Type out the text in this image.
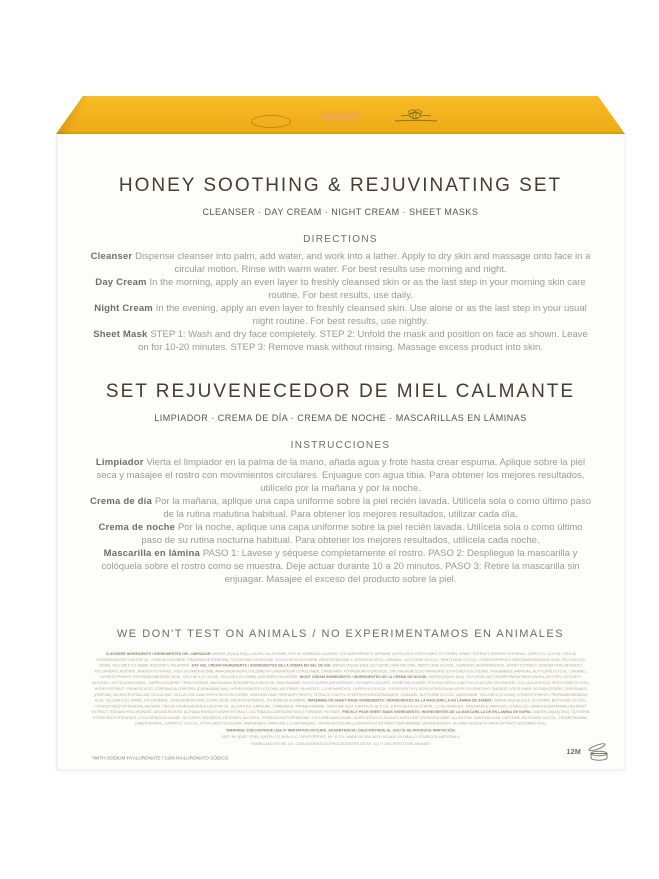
HONEY SOOTHING & REJUVINATING SET
CLEANSER · DAY CREAM · NIGHT CREAM · SHEET MASKS
DIRECTIONS

Cleanser Dispense cleanser into palm, add water, and work into a lather. Apply to dry skin and massage onto face in a circular motion. Rinse with warm water. For best results use morning and night.

Day Cream In the morning, apply an even layer to freshly cleansed skin or as the last step in your morning skin care routine. For best results, use daily.

Night Cream In the evening, apply an even layer to freshly cleansed skin. Use alone or as the last step in your usual night routine. For best results, use nightly.

Sheet Mask STEP 1: Wash and dry face completely. STEP 2: Unfold the mask and position on face as shown. Leave on for 10-20 minutes. STEP 3: Remove mask without rinsing. Massage excess product into skin.

SET REJUVENECEDOR DE MIEL CALMANTE
LIMPIADOR · CREMA DE DÍA · CREMA DE NOCHE · MASCARILLAS EN LÁMINAS
INSTRUCCIONES

Limpiador Vierta el limpiador en la palma de la mano, añada agua y frote hasta crear espuma. Aplique sobre la piel seca y masajee el rostro con movimientos circulares. Enjuague con agua tibia. Para obtener los mejores resultados, utilícelo por la mañana y por la noche.

Crema de día Por la mañana, aplique una capa uniforme sobre la piel recién lavada. Utilícela sola o como último paso de la rutina matutina habitual. Para obtener los mejores resultados, utilizar cada día.

Crema de noche Por la noche, aplique una capa uniforme sobre la piel recién lavada. Utilícela sola o como último paso de su rutina nocturna habitual. Para obtener los mejores resultados, utilícela cada noche.

Mascarilla en lámina PASO 1: Lávese y séquese completamente el rostro. PASO 2: Despliegue la mascarilla y colóquela sobre el rostro como se muestra. Deje actuar durante 10 a 20 minutos. PASO 3: Retire la mascarilla sin enjuagar. Masajee el exceso del producto sobre la piel.

WE DON'T TEST ON ANIMALS / NO EXPERIMENTAMOS EN ANIMALES

CLEANSER INGREDIENTS / INGREDIENTES DEL LIMPIADOR: WATER (AQUA) EAU), LAURYL GLUCOSIDE, PEG-80 SORBITAN LAURATE, COCAMIDOPROPYL BETAINE, ACRYLATES COPOLYMER, GLYCERIN, HONEY EXTRACT, PHENOXYETHANOL, CAPRYLYL GLYCOL, PEG-40 HYDROGENATED CASTOR OIL, SODIUM CHLORIDE, FRAGRANCE (PARFUM), POTASSIUM HYDROXIDE, ETHYLHEXYLGLYCERIN, BENZOPHENONE-4, DISODIUM EDTA, CARAMEL, BUTYLENE GLYCOL, PENTYLENE GLYCOL, HYDROXYPHENYL PROPAMIDOBENZOIC ACID, YELLOW 5 (CI 19140), YELLOW 6 (CI 15985), ASCORBYL PALMITATE. DAY GEL CREAM INGREDIENTS / INGREDIENTES DE LA CREMA EN GEL DE DÍA: WATER (AQUA) EAU), GLYCERIN, DIMETHICONE, PENTYLENE GLYCOL, ISONONYL ISONONANOATE, HONEY EXTRACT, SODIUM HYALURONATE*, TOCOPHERYL ACETATE, PHENOXYETHANOL, PEG-10 DIMETHICONE, AMMONIUM ACRYLOYLDIMETHYLTAURATE/VP COPOLYMER, CARBOMER, POTASSIUM HYDROXIDE, DIPOTASSIUM GLYCYRRHIZATE, ETHYLHEXYLGLYCERIN, FRAGRANCE (PARFUM), BUTYLENE GLYCOL, CARAMEL, HYDROXYPHENYL PROPAMIDOBENZOIC ACID, YELLOW 5 (CI 19140), YELLOW 6 (CI 15985), ASCORBYL PALMITATE. NIGHT CREAM INGREDIENTS / INGREDIENTES DE LA CREMA DE NOCHE: WATER (AQUA) EAU), GLYCERIN, BUTYROSPERMUM PARKII (SHEA) BUTTER, CETEARYL ALCOHOL, OCTYLDODECANOL, CAPRYLIC/CAPRIC TRIGLYCERIDE, MACADAMIA INTEGRIFOLIA SEED OIL, NIACINAMIDE, COCO-CAPRYLATE/CAPRATE, CETEARYL OLIVATE, SORBITAN OLIVATE, POLYGLYCERYL-3 METHYLGLUCOSE DISTEARATE, C12-16 ALCOHOLS, PENTYLENE GLYCOL, HONEY EXTRACT, PALMITIC ACID, COPERNICIA CERIFERA (CARNAUBA) WAX, HYDROGENATED LECITHIN, ASCORBYL PALMITATE, 1,2-HEXANEDIOL, CAPRYLYL GLYCOL, HYDROXYETHYL ACRYLATE/SODIUM ACRYLOYLDIMETHYL TAURATE COPOLYMER, JOJOBA ESTERS, FRAGRANCE (PARFUM), MICROCRYSTALLINE CELLULOSE, CELLULOSE GUM, ETHYLHEXYLGLYCERIN, XANTHAN GUM, PENTAERYTHRITYL TETRA-DI-T-BUTYL HYDROXYHYDROCINNAMATE, CARAMEL, BUTYLENE GLYCOL, ADENOSINE, YELLOW 5 (CI 19140), HYDROXYPHENYL PROPAMIDOBENZOIC ACID, YELLOW 6 (CI 15985), TOCOPHEROL, SODIUM BENZOATE, CITRIC ACID, PHENOXYETHANOL, POTASSIUM SORBATE. WATERMELON SHEET MASK INGREDIENTS / INGREDIENTES DE LA MASCARILLA EN LÁMINA DE SANDÍA: WATER (AQUA) EAU), GLYCERIN, BUTYLENE GLYCOL, HYDROXYACETOPHENONE, BETAINE, PEG-40 HYDROGENATED CASTOR OIL, ALLANTOIN, CAFFEINE, CARBOMER, TROMETHAMINE, XANTHAN GUM, CAPRYLYL GLYCOL, ETHYLHEXYLGLYCERIN, 1,2-HEXANEDIOL, FRAGRANCE (PARFUM), CITRULLUS LANATUS (WATERMELON) FRUIT EXTRACT, SODIUM HYALURONATE, DISODIUM EDTA, ALTHAEA ROSEA FLOWER EXTRACT, LACTOBACILLUS/RADISH ROOT FERMENT FILTRATE. PRICKLY PEAR SHEET MASK INGREDIENTS / INGREDIENTES DE LA MASCARILLA DE EN LÁMINA DE NOPAL: WATER (AQUA) EAU), GLYCERIN, ETHYLHEXYL STEARATE, CYCLOPENTASILOXANE, GLYCERYL STEARATE, CETEARYL ALCOHOL, HYDROXYACETOPHENONE, CYCLOHEXASILOXANE, ACRYLATES/C10-30 ALKYL ACRYLATE CROSSPOLYMER, ALLANTOIN, XANTHAN GUM, CAFFEINE, BUTYLENE GLYCOL, TROMETHAMINE, DIMETHICONOL, CAPRYLYL GLYCOL, ETHYLHEXYLGLYCERIN, FRAGRANCE (PARFUM), 1,2-HEXANEDIOL, OPUNTIA COCCINELLIFERA FRUIT EXTRACT, NIACINAMIDE, DISODIUM EDTA, ALTHAEA ROSEA FLOWER EXTRACT, ASCORBIC ACID.

WARNING: DISCONTINUE USE IF IRRITATION OCCURS. ADVERTENCIA: DESCONTINÚE EL USO SI SE PRODUCE IRRITACIÓN.

DIST. BY (DIST. POR): EARTH TO SKIN LLC, CENTERPORT, NY 11721. MADE IN USA WITH US AND GLOBALLY SOURCED MATERIALS.

FABRICADO EN EE. UU. CON MATERIALES PROCEDENTES DE EE. UU. Y DEL RESTO DEL MUNDO.

*WITH SODIUM HYALURONATE / CON HIALURONATO SÓDICO
12M
